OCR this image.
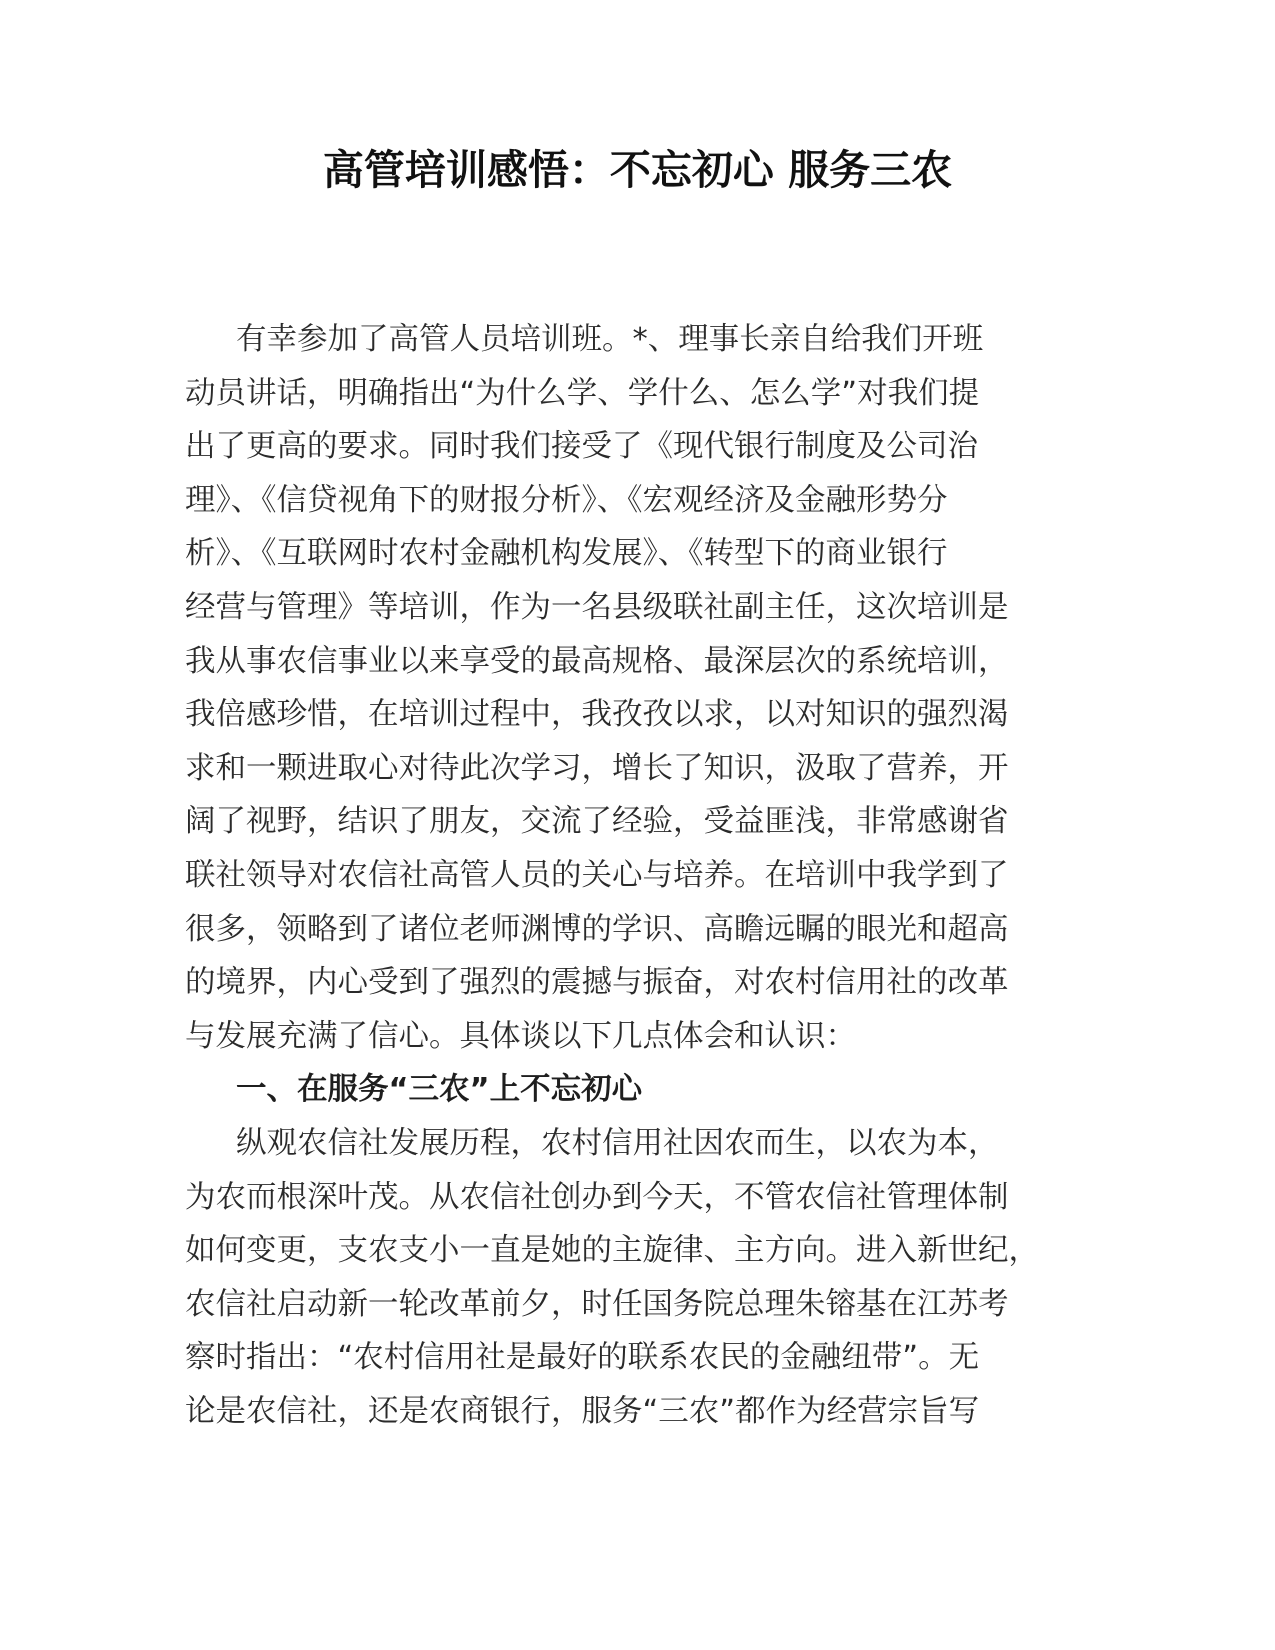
高管培训感悟：不忘初心 服务三农
有幸参加了高管人员培训班。*、理事长亲自给我们开班
动员讲话，明确指出“为什么学、学什么、怎么学”对我们提
出了更高的要求。同时我们接受了《现代银行制度及公司治
理》、《信贷视角下的财报分析》、《宏观经济及金融形势分
析》、《互联网时农村金融机构发展》、《转型下的商业银行
经营与管理》等培训，作为一名县级联社副主任，这次培训是
我从事农信事业以来享受的最高规格、最深层次的系统培训，
我倍感珍惜，在培训过程中，我孜孜以求，以对知识的强烈渴
求和一颗进取心对待此次学习，增长了知识，汲取了营养，开
阔了视野，结识了朋友，交流了经验，受益匪浅，非常感谢省
联社领导对农信社高管人员的关心与培养。在培训中我学到了
很多，领略到了诸位老师渊博的学识、高瞻远瞩的眼光和超高
的境界，内心受到了强烈的震撼与振奋，对农村信用社的改革
与发展充满了信心。具体谈以下几点体会和认识：
一、在服务“三农”上不忘初心
纵观农信社发展历程，农村信用社因农而生，以农为本，
为农而根深叶茂。从农信社创办到今天，不管农信社管理体制
如何变更，支农支小一直是她的主旋律、主方向。进入新世纪，
农信社启动新一轮改革前夕，时任国务院总理朱镕基在江苏考
察时指出：“农村信用社是最好的联系农民的金融纽带”。无
论是农信社，还是农商银行，服务“三农”都作为经营宗旨写
